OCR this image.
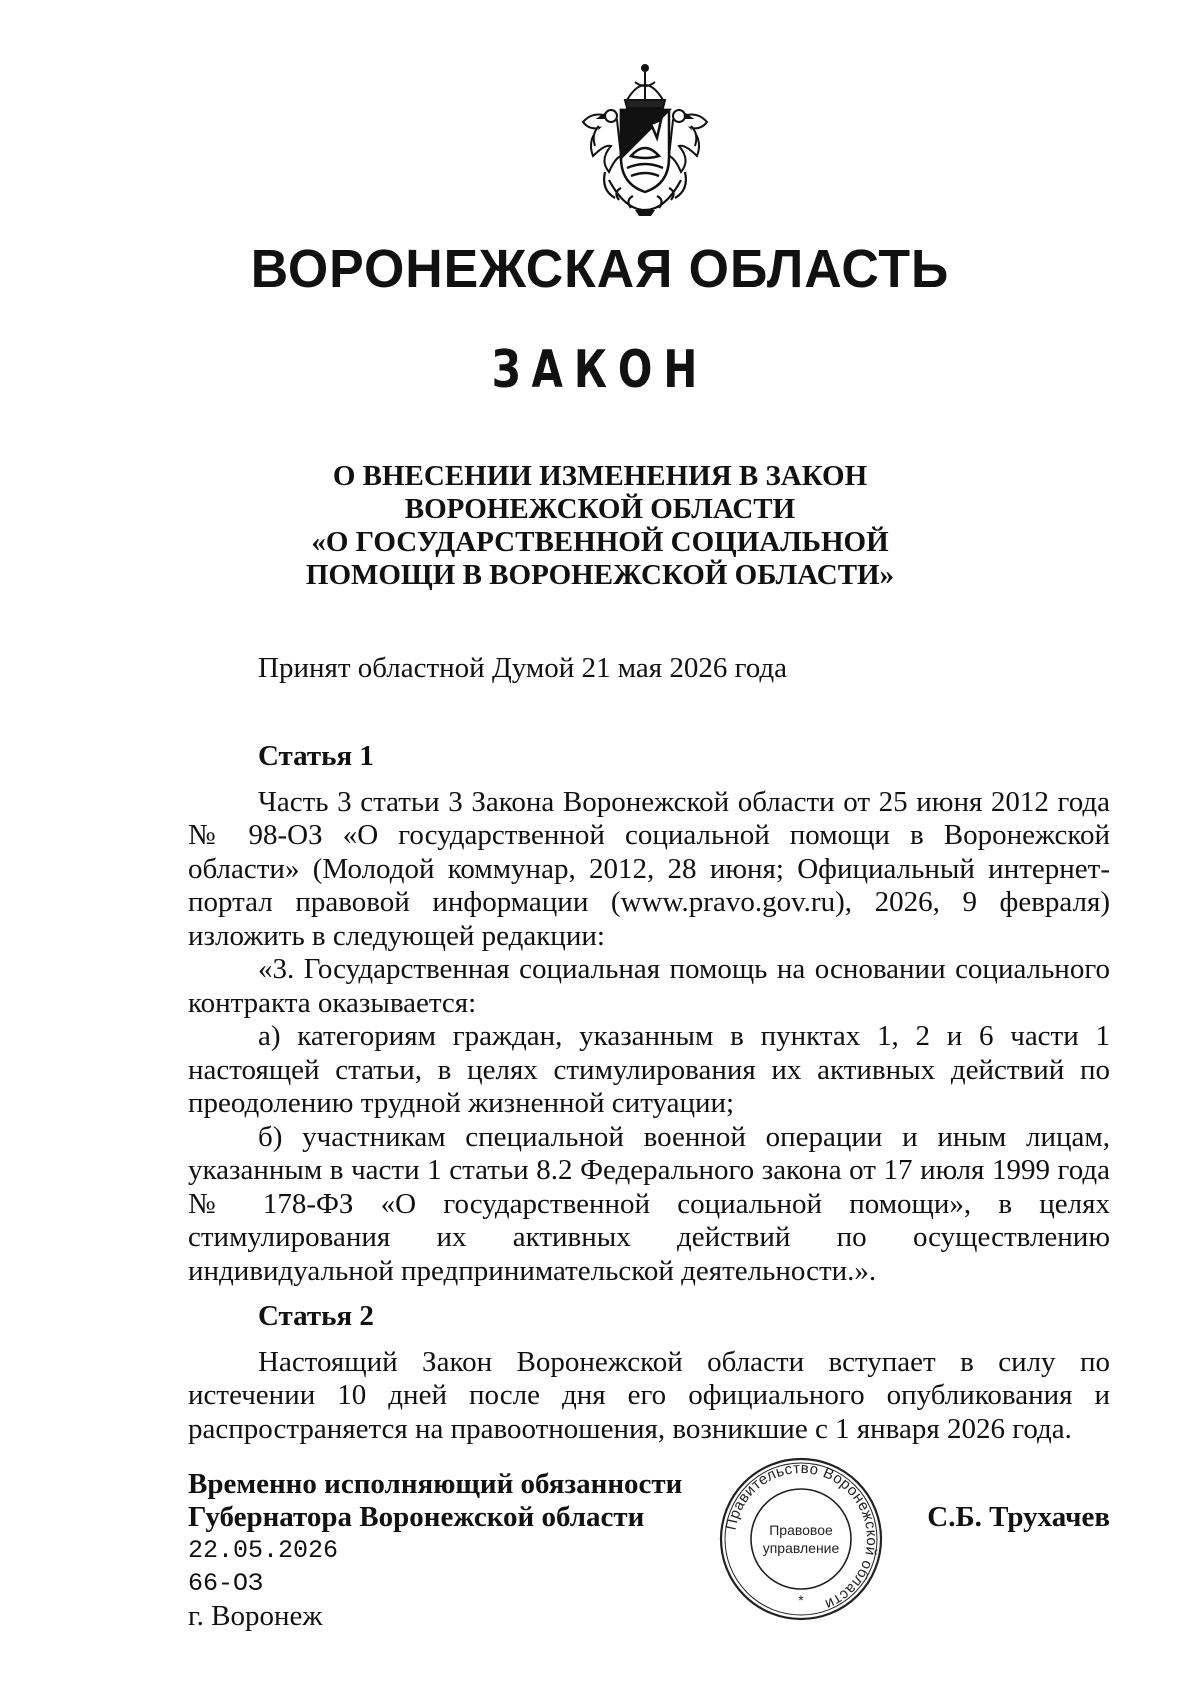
ВОРОНЕЖСКАЯ ОБЛАСТЬ
ЗАКОН
О ВНЕСЕНИИ ИЗМЕНЕНИЯ В ЗАКОН
ВОРОНЕЖСКОЙ ОБЛАСТИ
«О ГОСУДАРСТВЕННОЙ СОЦИАЛЬНОЙ
ПОМОЩИ В ВОРОНЕЖСКОЙ ОБЛАСТИ»

Принят областной Думой 21 мая 2026 года

Статья 1

Часть 3 статьи 3 Закона Воронежской области от 25 июня 2012 года № 98-ОЗ «О государственной социальной помощи в Воронежской области» (Молодой коммунар, 2012, 28 июня; Официальный интернет-портал правовой информации (www.pravo.gov.ru), 2026, 9 февраля) изложить в следующей редакции:

«3. Государственная социальная помощь на основании социального контракта оказывается:

а) категориям граждан, указанным в пунктах 1, 2 и 6 части 1 настоящей статьи, в целях стимулирования их активных действий по преодолению трудной жизненной ситуации;

б) участникам специальной военной операции и иным лицам, указанным в части 1 статьи 8.2 Федерального закона от 17 июля 1999 года № 178-ФЗ «О государственной социальной помощи», в целях стимулирования их активных действий по осуществлению индивидуальной предпринимательской деятельности.».

Статья 2

Настоящий Закон Воронежской области вступает в силу по истечении 10 дней после дня его официального опубликования и распространяется на правоотношения, возникшие с 1 января 2026 года.

Временно исполняющий обязанности

Губернатора Воронежской области

22.05.2026

66-ОЗ

г. Воронеж

Правительство Воронежской области
Правовое
управление
*

С.Б. Трухачев
